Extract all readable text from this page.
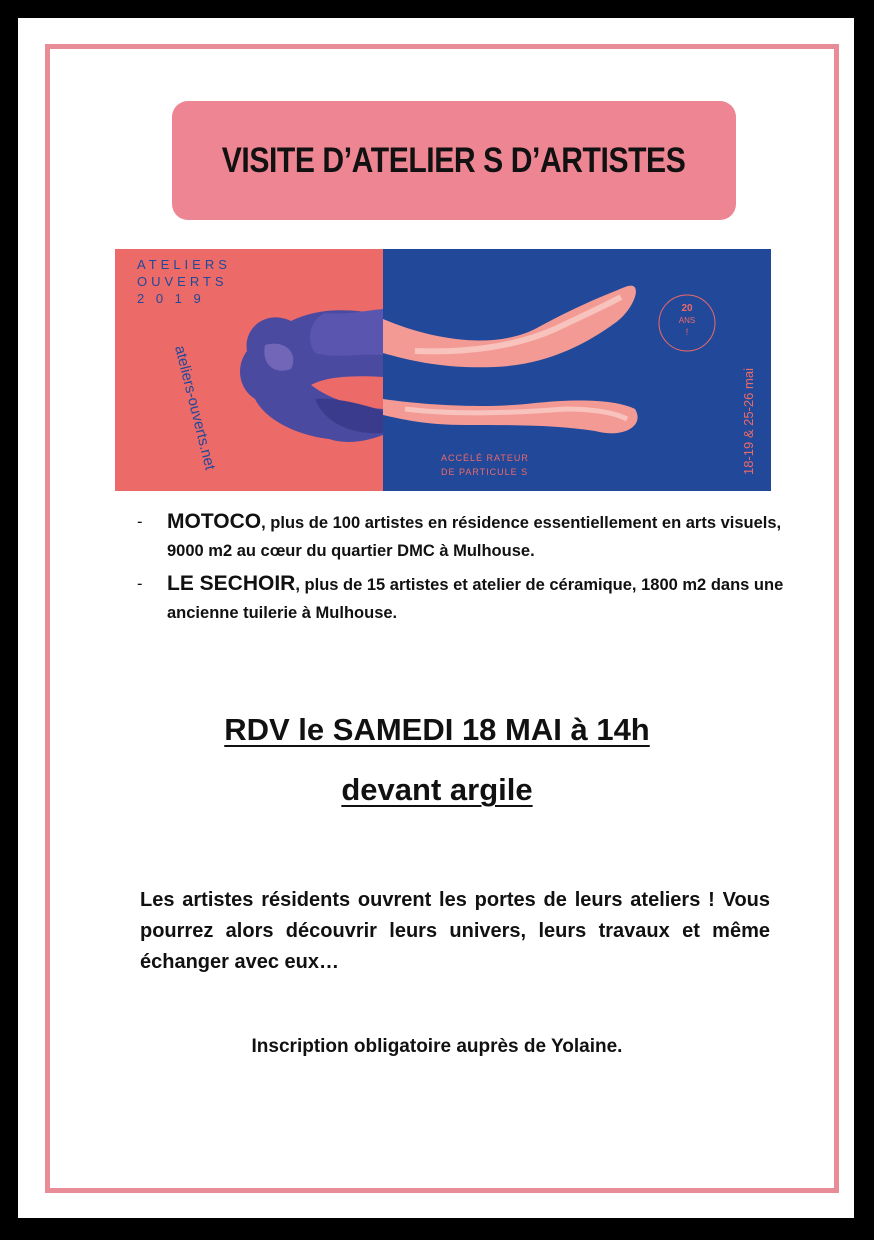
VISITE D’ATELIER S D’ARTISTES
ATELIERS
OUVERTS
2 0 1 9
ateliers-ouverts.net	ACCÉLÉ RATEUR
DE PARTICULE S
20
ANS
!
18-19 & 25-26 mai
- MOTOCO, plus de 100 artistes en résidence essentiellement en arts visuels, 9000 m2 au cœur du quartier DMC à Mulhouse.
- LE SECHOIR, plus de 15 artistes et atelier de céramique, 1800 m2 dans une ancienne tuilerie à Mulhouse.
RDV le SAMEDI 18 MAI à 14h
devant argile
Les artistes résidents ouvrent les portes de leurs ateliers ! Vous pourrez alors découvrir leurs univers, leurs travaux et même échanger avec eux…
Inscription obligatoire auprès de Yolaine.
